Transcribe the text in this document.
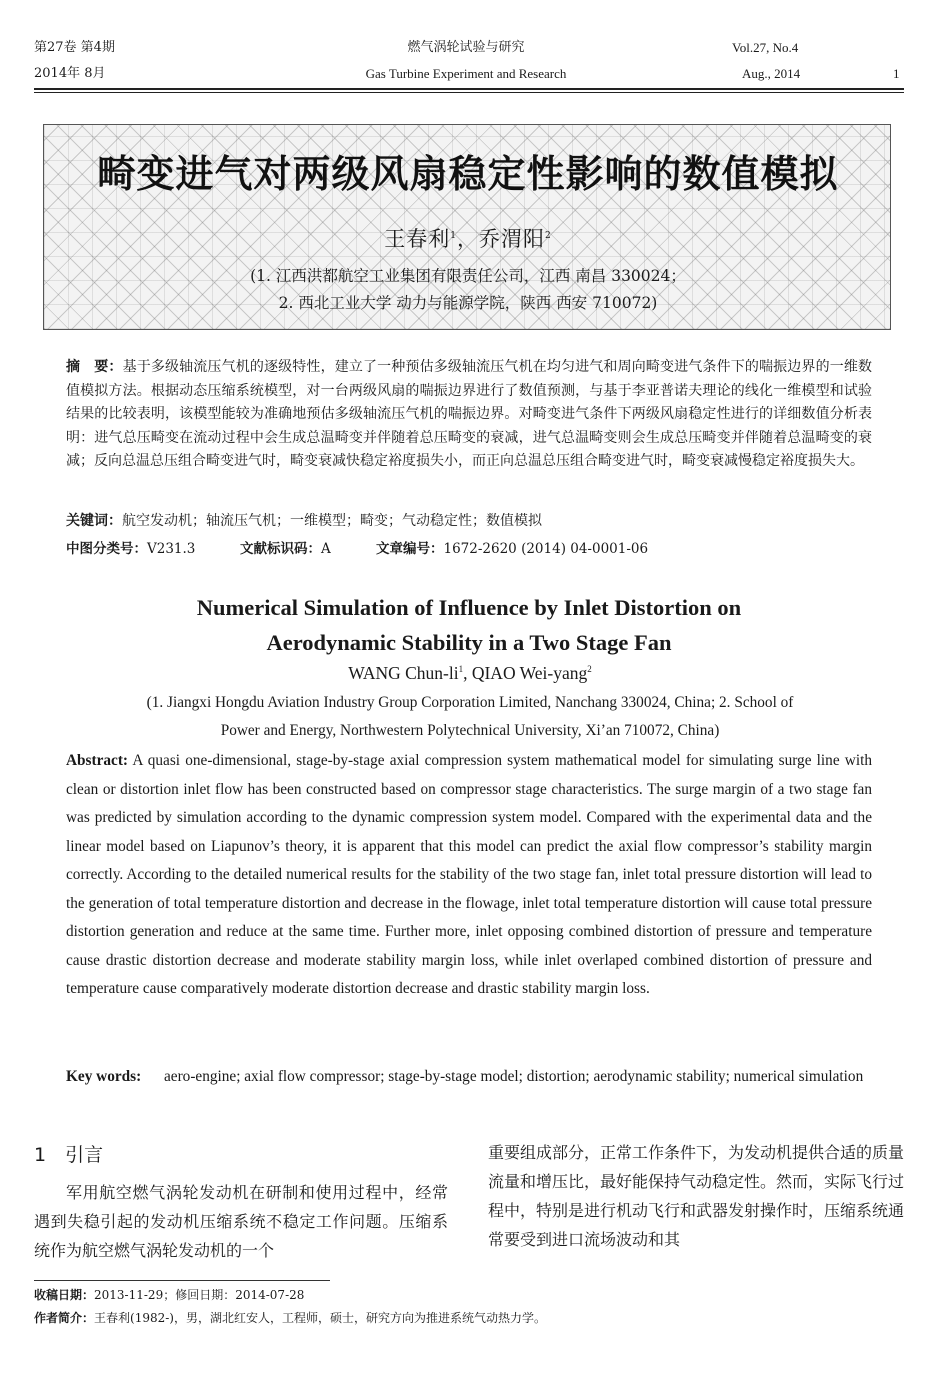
第27卷 第4期
2014年 8月
燃气涡轮试验与研究
Gas Turbine Experiment and Research
Vol.27, No.4
Aug., 2014	1
畸变进气对两级风扇稳定性影响的数值模拟
王春利$^1$，乔渭阳$^2$
(1. 江西洪都航空工业集团有限责任公司，江西 南昌 330024；
2. 西北工业大学 动力与能源学院，陕西 西安 710072)
摘　要：基于多级轴流压气机的逐级特性，建立了一种预估多级轴流压气机在均匀进气和周向畸变进气条件下的喘振边界的一维数值模拟方法。根据动态压缩系统模型，对一台两级风扇的喘振边界进行了数值预测，与基于李亚普诺夫理论的线化一维模型和试验结果的比较表明，该模型能较为准确地预估多级轴流压气机的喘振边界。对畸变进气条件下两级风扇稳定性进行的详细数值分析表明：进气总压畸变在流动过程中会生成总温畸变并伴随着总压畸变的衰减，进气总温畸变则会生成总压畸变并伴随着总温畸变的衰减；反向总温总压组合畸变进气时，畸变衰减快稳定裕度损失小，而正向总温总压组合畸变进气时，畸变衰减慢稳定裕度损失大。
关键词：航空发动机；轴流压气机；一维模型；畸变；气动稳定性；数值模拟
中图分类号：V231.3	文献标识码：A	文章编号：1672-2620 (2014) 04-0001-06
Numerical Simulation of Influence by Inlet Distortion on
Aerodynamic Stability in a Two Stage Fan
WANG Chun-$li^1$, QIAO Wei-yang$^2$
(1. Jiangxi Hongdu Aviation Industry Group Corporation Limited, Nanchang 330024, China; 2. School of
Power and Energy, Northwestern Polytechnical University, Xi’an 710072, China)
Abstract: A quasi one-dimensional, stage-by-stage axial compression system mathematical model for simulating surge line with clean or distortion inlet flow has been constructed based on compressor stage characteristics. The surge margin of a two stage fan was predicted by simulation according to the dynamic compression system model. Compared with the experimental data and the linear model based on Liapunov’s theory, it is apparent that this model can predict the axial flow compressor’s stability margin correctly. According to the detailed numerical results for the stability of the two stage fan, inlet total pressure distortion will lead to the generation of total temperature distortion and decrease in the flowage, inlet total temperature distortion will cause total pressure distortion generation and reduce at the same time. Further more, inlet opposing combined distortion of pressure and temperature cause drastic distortion decrease and moderate stability margin loss, while inlet overlaped combined distortion of pressure and temperature cause comparatively moderate distortion decrease and drastic stability margin loss.
Key words: aero-engine; axial flow compressor; stage-by-stage model; distortion; aerodynamic stability; numerical simulation
1　引言
军用航空燃气涡轮发动机在研制和使用过程中，经常遇到失稳引起的发动机压缩系统不稳定工作问题。压缩系统作为航空燃气涡轮发动机的一个
重要组成部分，正常工作条件下，为发动机提供合适的质量流量和增压比，最好能保持气动稳定性。然而，实际飞行过程中，特别是进行机动飞行和武器发射操作时，压缩系统通常要受到进口流场波动和其
收稿日期：2013-11-29；修回日期：2014-07-28
作者简介：王春利(1982-)，男，湖北红安人，工程师，硕士，研究方向为推进系统气动热力学。
